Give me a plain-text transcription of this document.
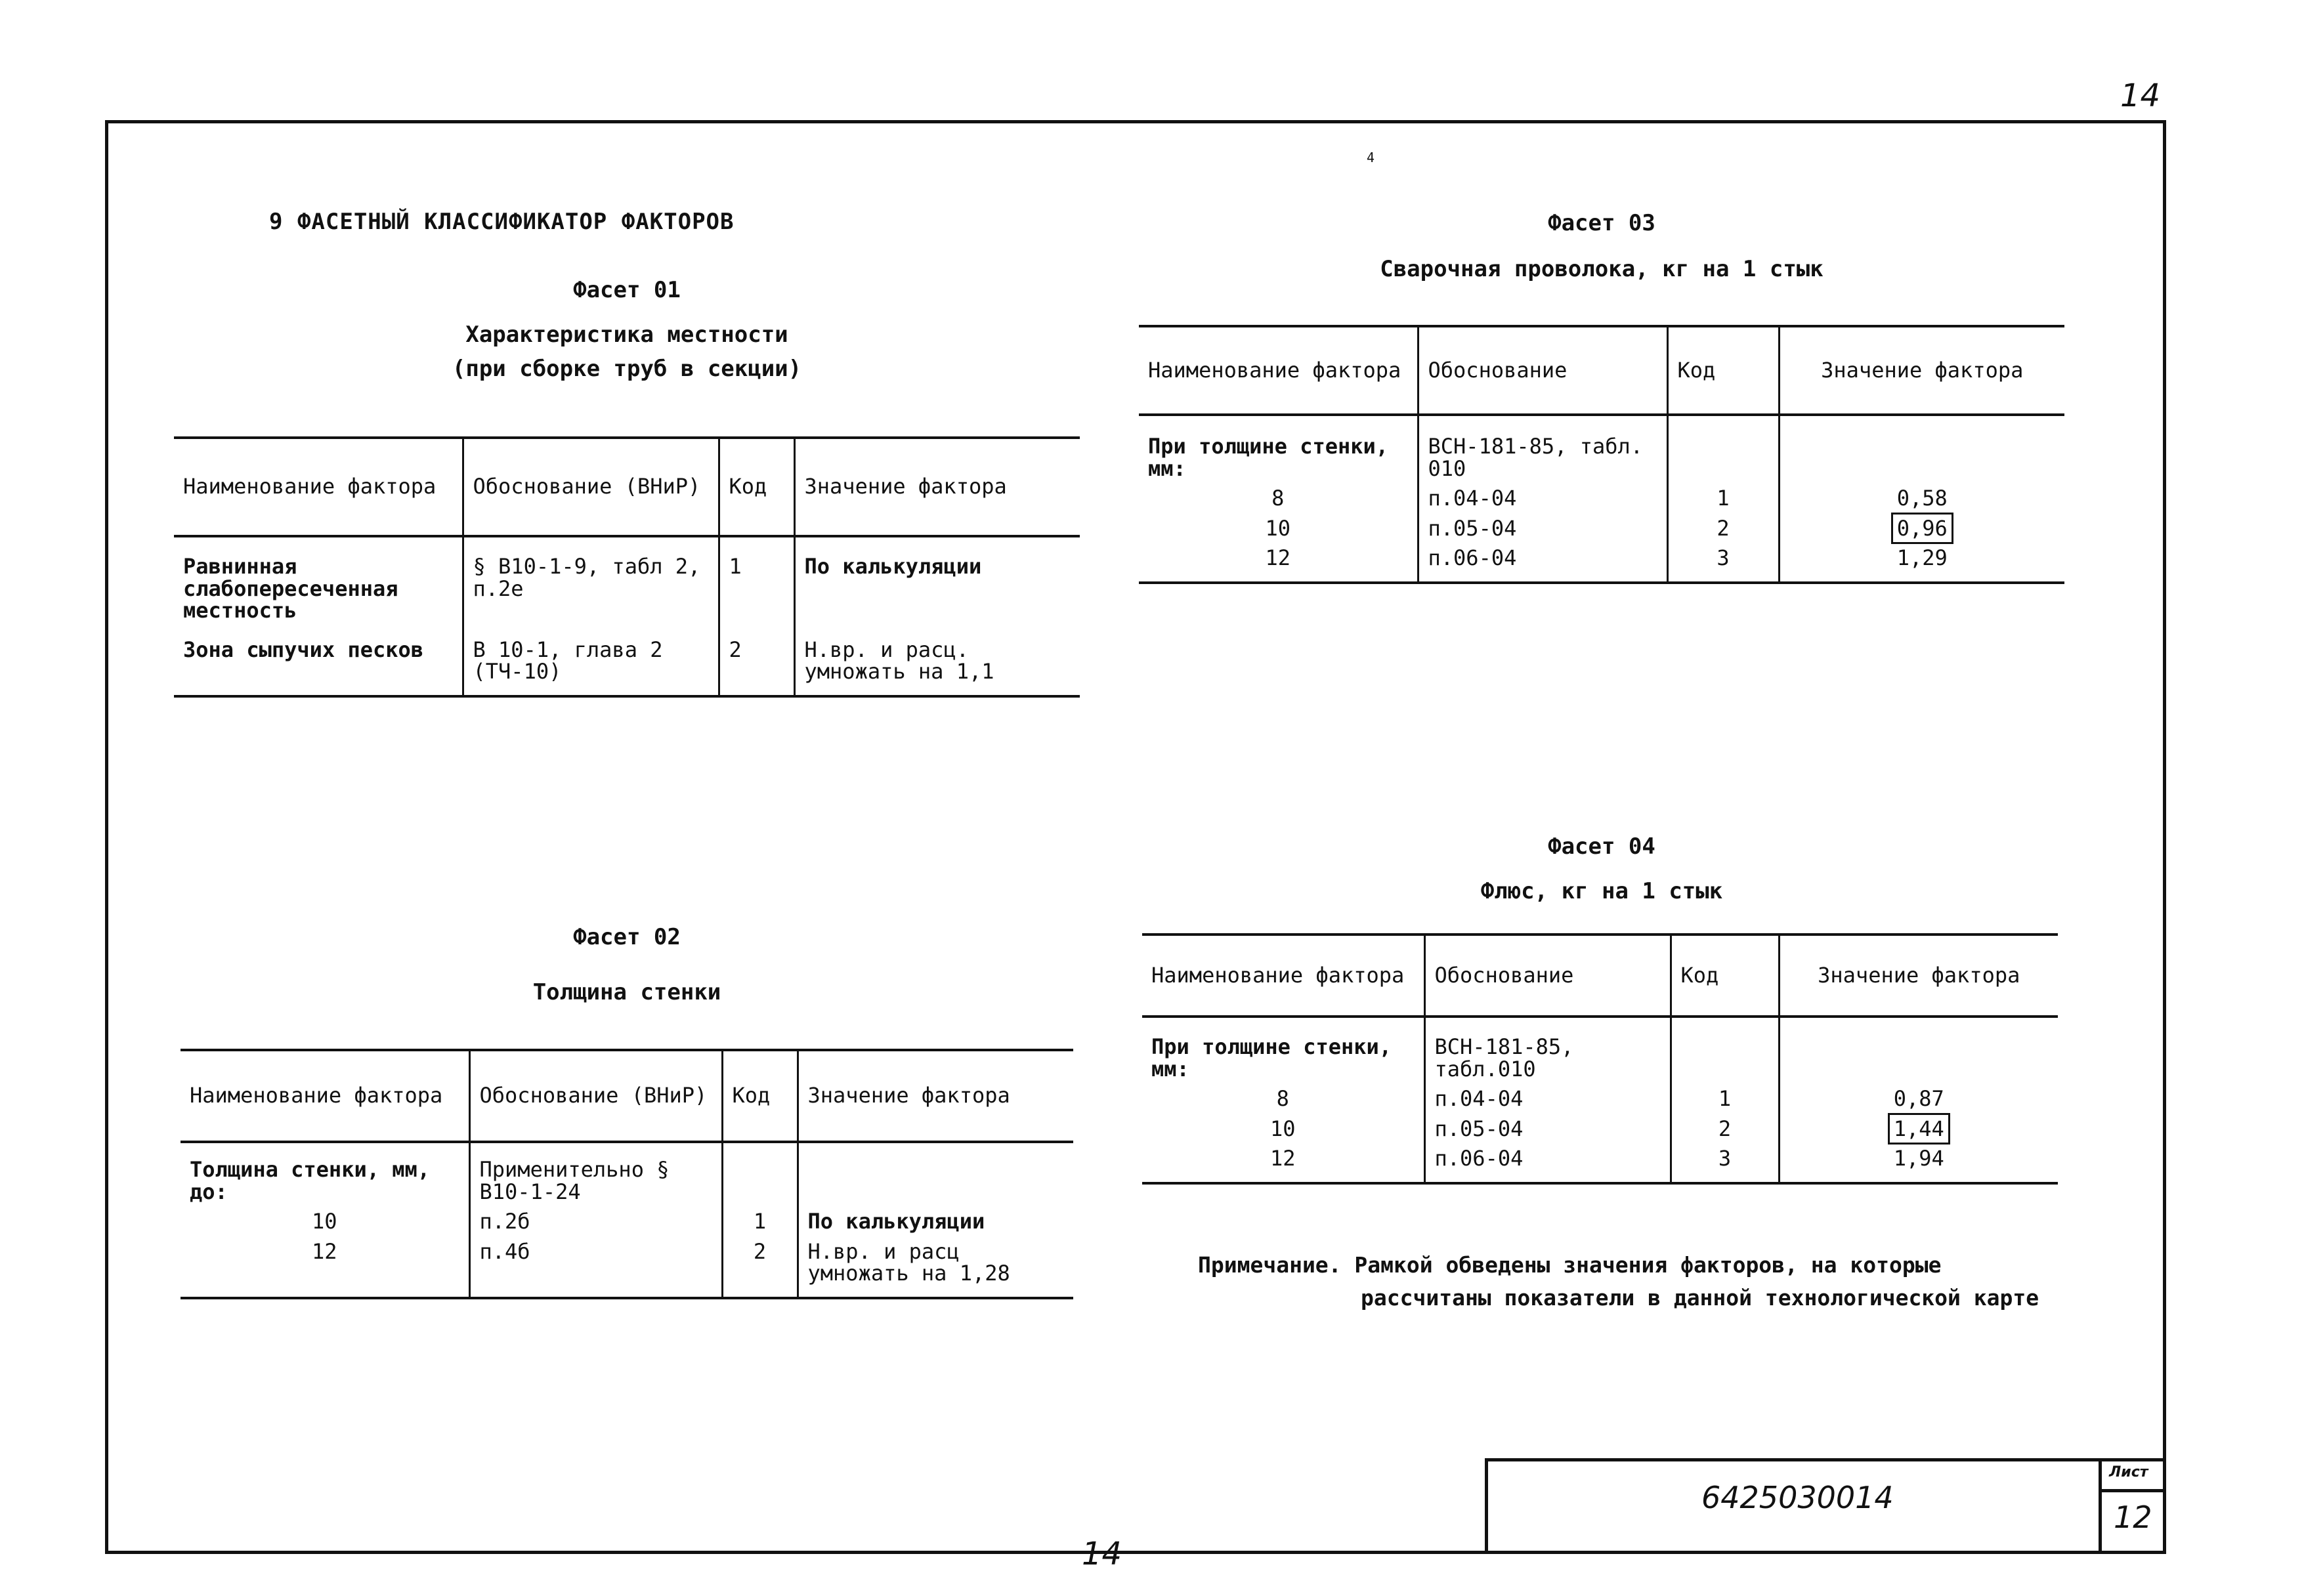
14
14
4
9 ФАСЕТНЫЙ КЛАССИФИКАТОР ФАКТОРОВ
Фасет 01
Характеристика местности
(при сборке труб в секции)
Наименование фактора	Обоснование (ВНиР)	Код	Значение фактора
Равнинная слабопересеченная местность	§ В10-1-9, табл 2, п.2е	1	По калькуляции
Зона сыпучих песков	В 10-1, глава 2 (ТЧ-10)	2	Н.вр. и расц. умножать на 1,1
Фасет 02
Толщина стенки
Наименование фактора	Обоснование (ВНиР)	Код	Значение фактора
Толщина стенки, мм, до:	Применительно § В10-1-24		
10	п.2б	1	По калькуляции
12	п.4б	2	Н.вр. и расц умножать на 1,28
Фасет 03
Сварочная проволока, кг на 1 стык
Наименование фактора	Обоснование	Код	Значение фактора
При толщине стенки, мм:	ВСН-181-85, табл. 010		
8	п.04-04	1	0,58
10	п.05-04	2	0,96
12	п.06-04	3	1,29
Фасет 04
Флюс, кг на 1 стык
Наименование фактора	Обоснование	Код	Значение фактора
При толщине стенки, мм:	ВСН-181-85, табл.010		
8	п.04-04	1	0,87
10	п.05-04	2	1,44
12	п.06-04	3	1,94
Примечание. Рамкой обведены значения факторов, на которые
рассчитаны показатели в данной технологической карте
6425030014
Лист
12
